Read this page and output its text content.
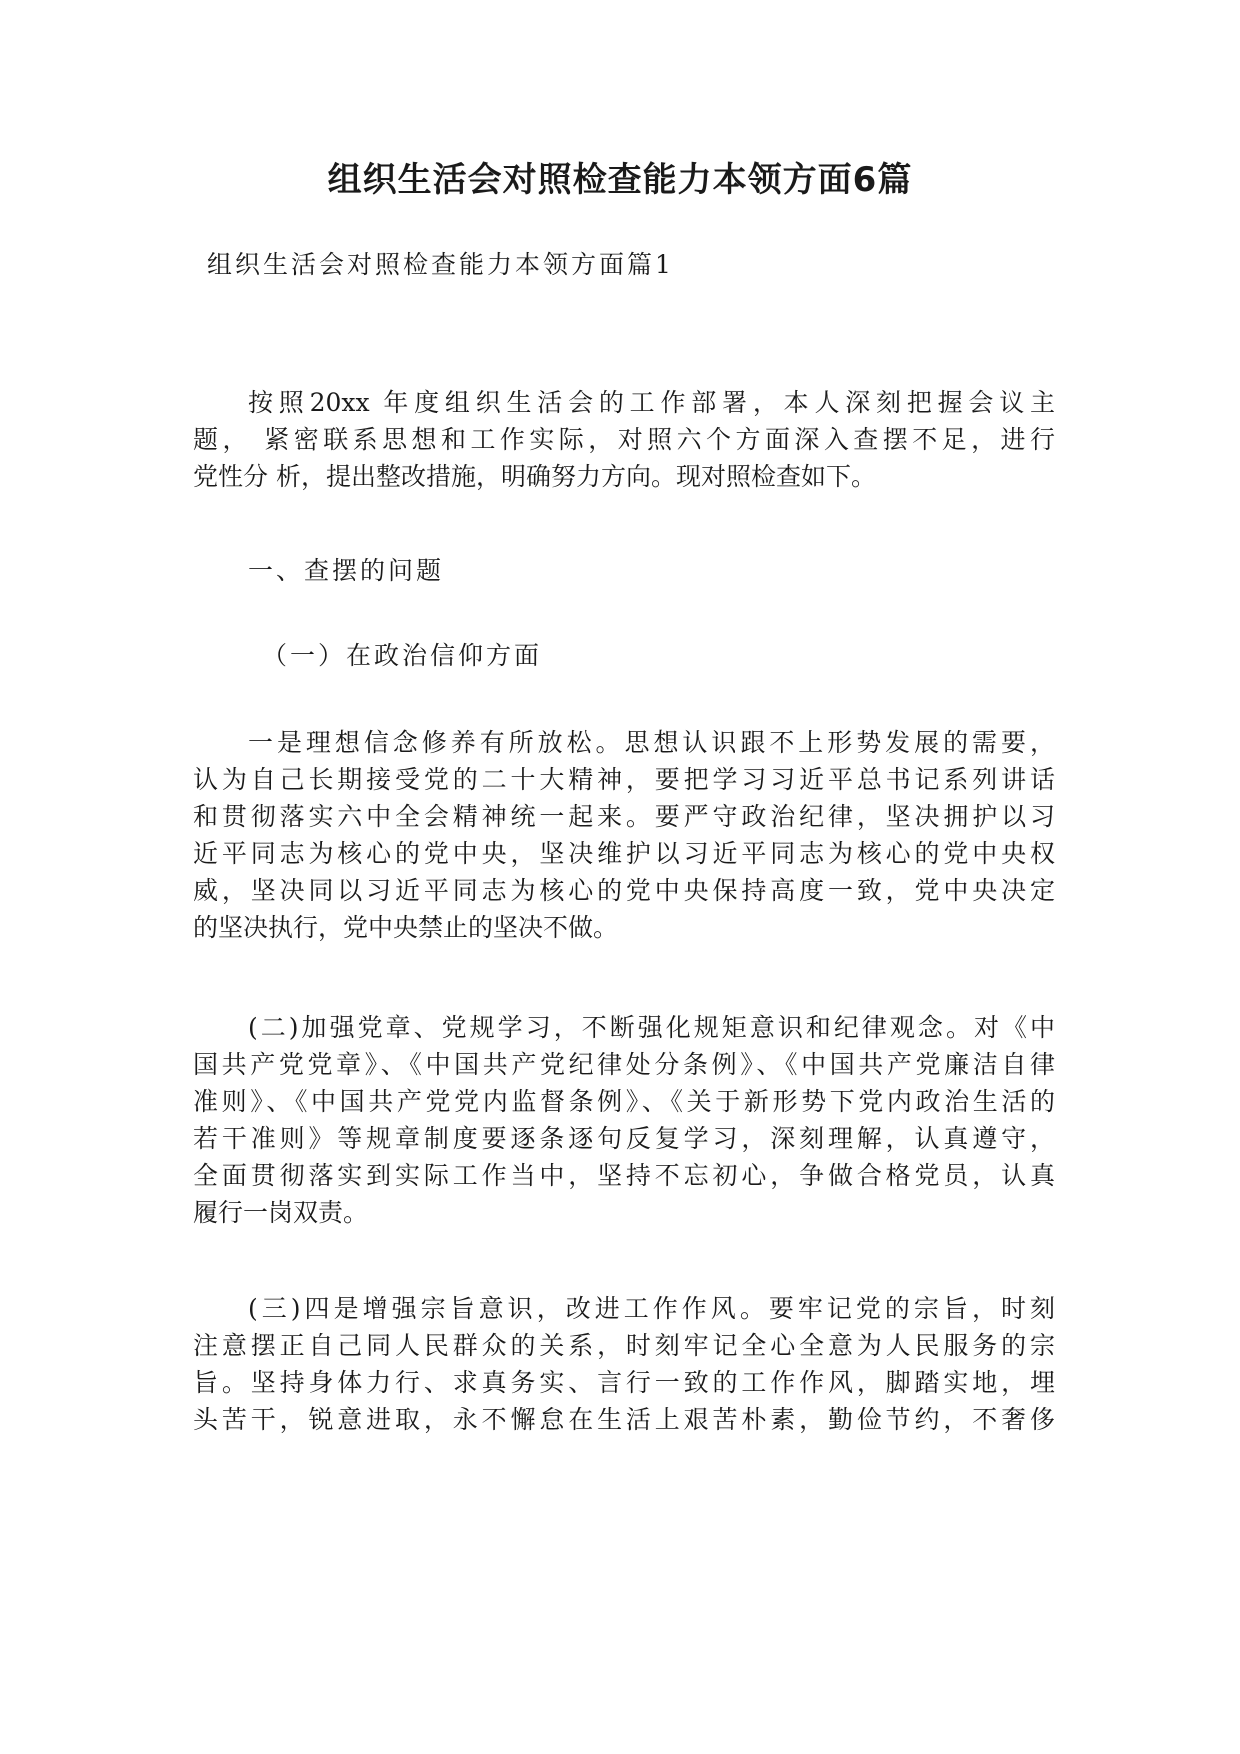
组织生活会对照检查能力本领方面6篇

组织生活会对照检查能力本领方面篇1

按照20xx 年度组织生活会的工作部署，本人深刻把握会议主
题， 紧密联系思想和工作实际，对照六个方面深入查摆不足，进行
党性分 析，提出整改措施，明确努力方向。现对照检查如下。

一、查摆的问题

（一）在政治信仰方面

一是理想信念修养有所放松。思想认识跟不上形势发展的需要，
认为自己长期接受党的二十大精神，要把学习习近平总书记系列讲话
和贯彻落实六中全会精神统一起来。要严守政治纪律，坚决拥护以习
近平同志为核心的党中央，坚决维护以习近平同志为核心的党中央权
威，坚决同以习近平同志为核心的党中央保持高度一致，党中央决定
的坚决执行，党中央禁止的坚决不做。
(二)加强党章、党规学习，不断强化规矩意识和纪律观念。对《中
国共产党党章》、《中国共产党纪律处分条例》、《中国共产党廉洁自律
准则》、《中国共产党党内监督条例》、《关于新形势下党内政治生活的
若干准则》等规章制度要逐条逐句反复学习，深刻理解，认真遵守，
全面贯彻落实到实际工作当中，坚持不忘初心，争做合格党员，认真
履行一岗双责。
(三)四是增强宗旨意识，改进工作作风。要牢记党的宗旨，时刻
注意摆正自己同人民群众的关系，时刻牢记全心全意为人民服务的宗
旨。坚持身体力行、求真务实、言行一致的工作作风，脚踏实地，埋
头苦干，锐意进取，永不懈怠在生活上艰苦朴素，勤俭节约，不奢侈
